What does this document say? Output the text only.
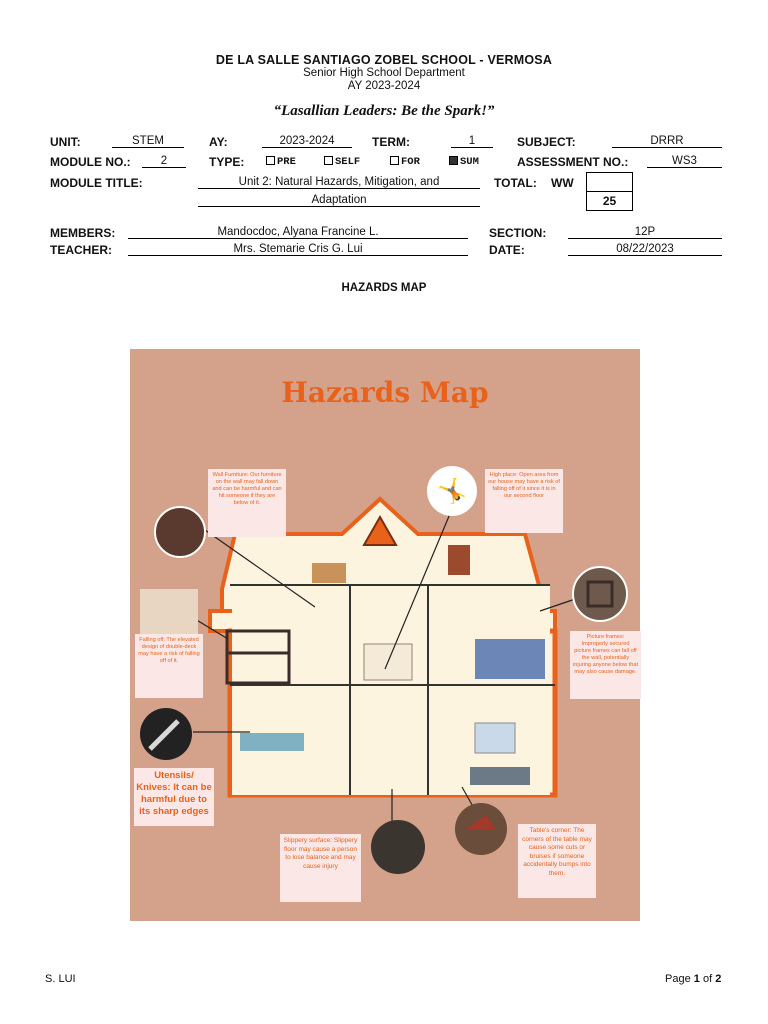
DE LA SALLE SANTIAGO ZOBEL SCHOOL - VERMOSA
Senior High School Department
AY 2023-2024
“Lasallian Leaders: Be the Spark!”
UNIT:	STEM	AY:	2023-2024	TERM:	1	SUBJECT:	DRRR
MODULE NO.:	2	TYPE:	PRE	SELF	FOR	SUM	ASSESSMENT NO.:	WS3
MODULE TITLE:	Unit 2: Natural Hazards, Mitigation, and
Adaptation
TOTAL: WW
25
MEMBERS:	Mandocdoc, Alyana Francine L.	SECTION:	12P
TEACHER:	Mrs. Stemarie Cris G. Lui	DATE:	08/22/2023
HAZARDS MAP
Hazards Map
🤸
Wall Furniture: Our furniture on the wall may fall down and can be harmful and can hit someone if they are below of it.
High place: Open area from our house may have a risk of falling off of it since it is in our second floor
Falling off: The elevated design of double-deck may have a risk of falling off of it.
Picture frames: Improperly secured picture frames can fall off the wall, potentially injuring anyone below that may also cause damage.
Utensils/ Knives: It can be harmful due to its sharp edges
Slippery surface: Slippery floor may cause a person to lose balance and may cause injury
Table's corner: The corners of the table may cause some cuts or bruises if someone accidentally bumps into them.
S. LUI	Page 1 of 2
